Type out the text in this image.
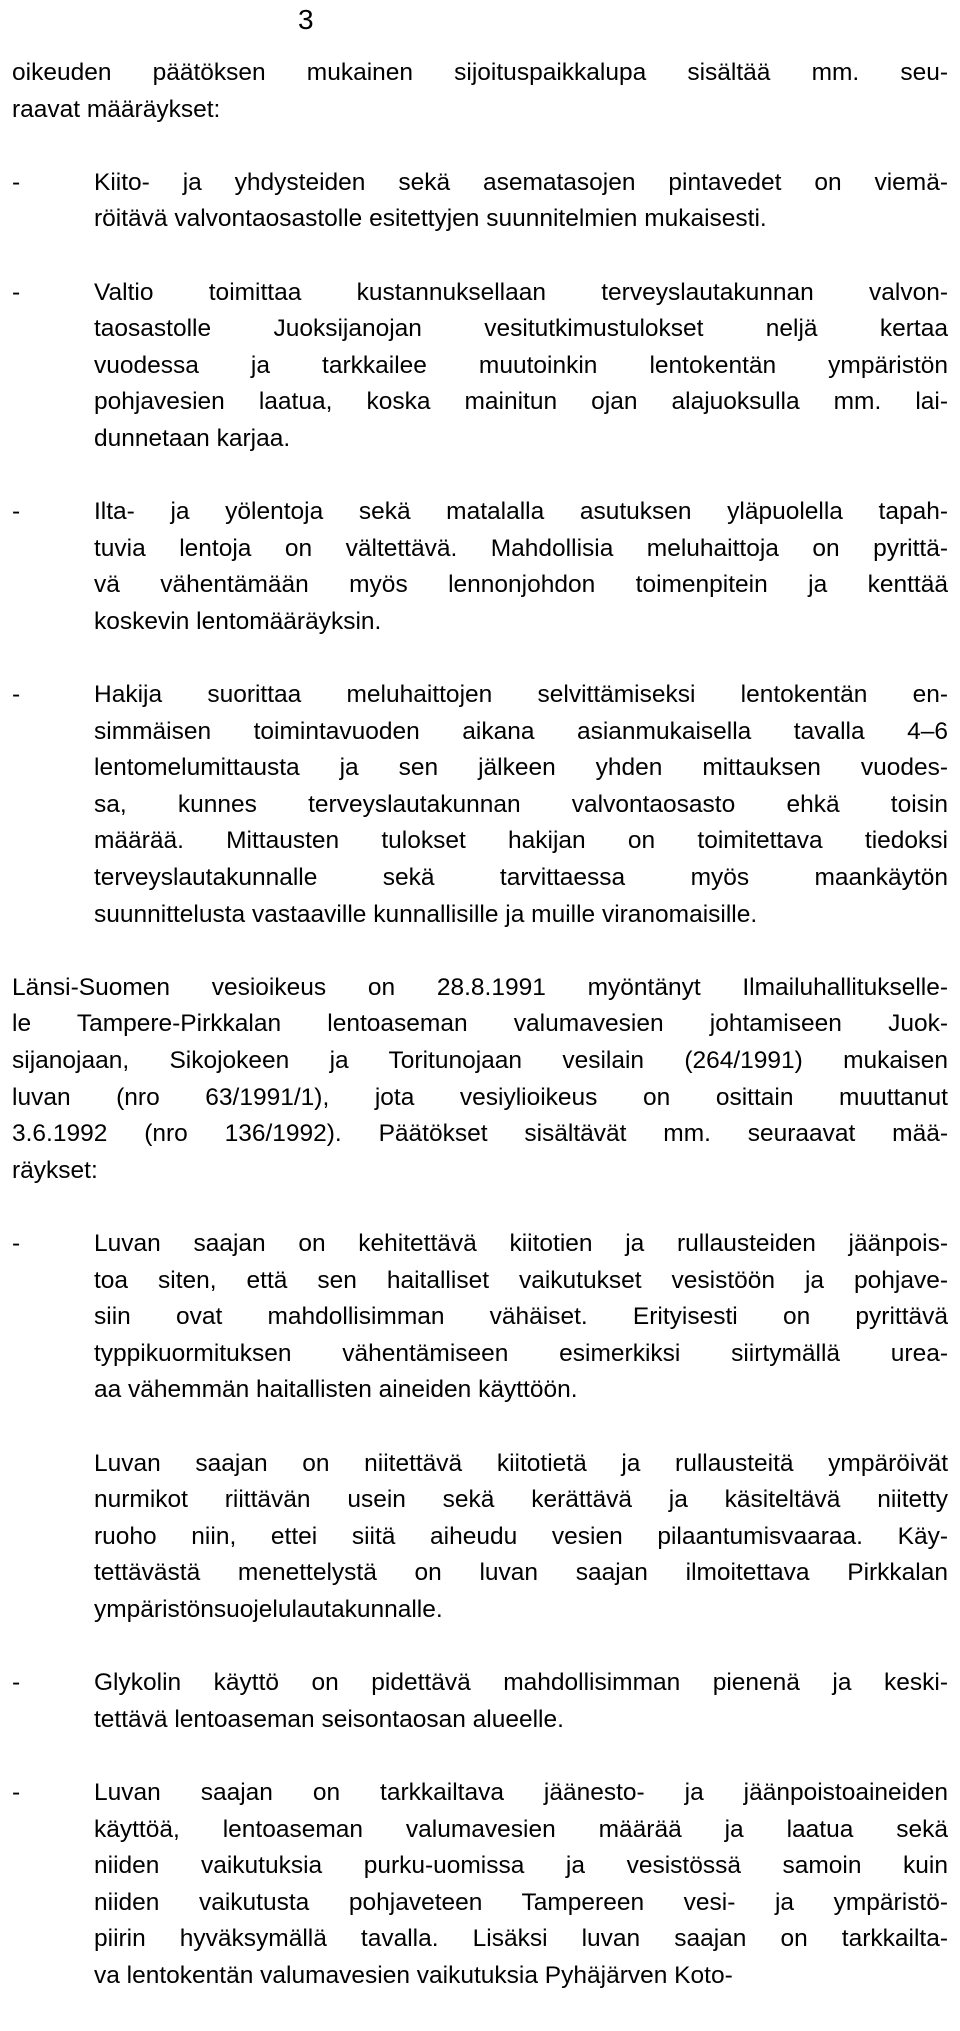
3
oikeuden päätöksen mukainen sijoituspaikkalupa sisältää mm. seu-
raavat määräykset:
-	Kiito- ja yhdysteiden sekä asematasojen pintavedet on viemä-
röitävä valvontaosastolle esitettyjen suunnitelmien mukaisesti.
-	Valtio toimittaa kustannuksellaan terveyslautakunnan valvon-
taosastolle Juoksijanojan vesitutkimustulokset neljä kertaa
vuodessa ja tarkkailee muutoinkin lentokentän ympäristön
pohjavesien laatua, koska mainitun ojan alajuoksulla mm. lai-
dunnetaan karjaa.
-	Ilta- ja yölentoja sekä matalalla asutuksen yläpuolella tapah-
tuvia lentoja on vältettävä. Mahdollisia meluhaittoja on pyrittä-
vä vähentämään myös lennonjohdon toimenpitein ja kenttää
koskevin lentomääräyksin.
-	Hakija suorittaa meluhaittojen selvittämiseksi lentokentän en-
simmäisen toimintavuoden aikana asianmukaisella tavalla 4–6
lentomelumittausta ja sen jälkeen yhden mittauksen vuodes-
sa, kunnes terveyslautakunnan valvontaosasto ehkä toisin
määrää. Mittausten tulokset hakijan on toimitettava tiedoksi
terveyslautakunnalle sekä tarvittaessa myös maankäytön
suunnittelusta vastaaville kunnallisille ja muille viranomaisille.
Länsi-Suomen vesioikeus on 28.8.1991 myöntänyt Ilmailuhallitukselle-
le Tampere-Pirkkalan lentoaseman valumavesien johtamiseen Juok-
sijanojaan, Sikojokeen ja Toritunojaan vesilain (264/1991) mukaisen
luvan (nro 63/1991/1), jota vesiylioikeus on osittain muuttanut
3.6.1992 (nro 136/1992). Päätökset sisältävät mm. seuraavat mää-
räykset:
-	Luvan saajan on kehitettävä kiitotien ja rullausteiden jäänpois-
toa siten, että sen haitalliset vaikutukset vesistöön ja pohjave-
siin ovat mahdollisimman vähäiset. Erityisesti on pyrittävä
typpikuormituksen vähentämiseen esimerkiksi siirtymällä urea-
aa vähemmän haitallisten aineiden käyttöön.
Luvan saajan on niitettävä kiitotietä ja rullausteitä ympäröivät
nurmikot riittävän usein sekä kerättävä ja käsiteltävä niitetty
ruoho niin, ettei siitä aiheudu vesien pilaantumisvaaraa. Käy-
tettävästä menettelystä on luvan saajan ilmoitettava Pirkkalan
ympäristönsuojelulautakunnalle.
-	Glykolin käyttö on pidettävä mahdollisimman pienenä ja keski-
tettävä lentoaseman seisontaosan alueelle.
-	Luvan saajan on tarkkailtava jäänesto- ja jäänpoistoaineiden
käyttöä, lentoaseman valumavesien määrää ja laatua sekä
niiden vaikutuksia purku-uomissa ja vesistössä samoin kuin
niiden vaikutusta pohjaveteen Tampereen vesi- ja ympäristö-
piirin hyväksymällä tavalla. Lisäksi luvan saajan on tarkkailta-
va lentokentän valumavesien vaikutuksia Pyhäjärven Koto-
